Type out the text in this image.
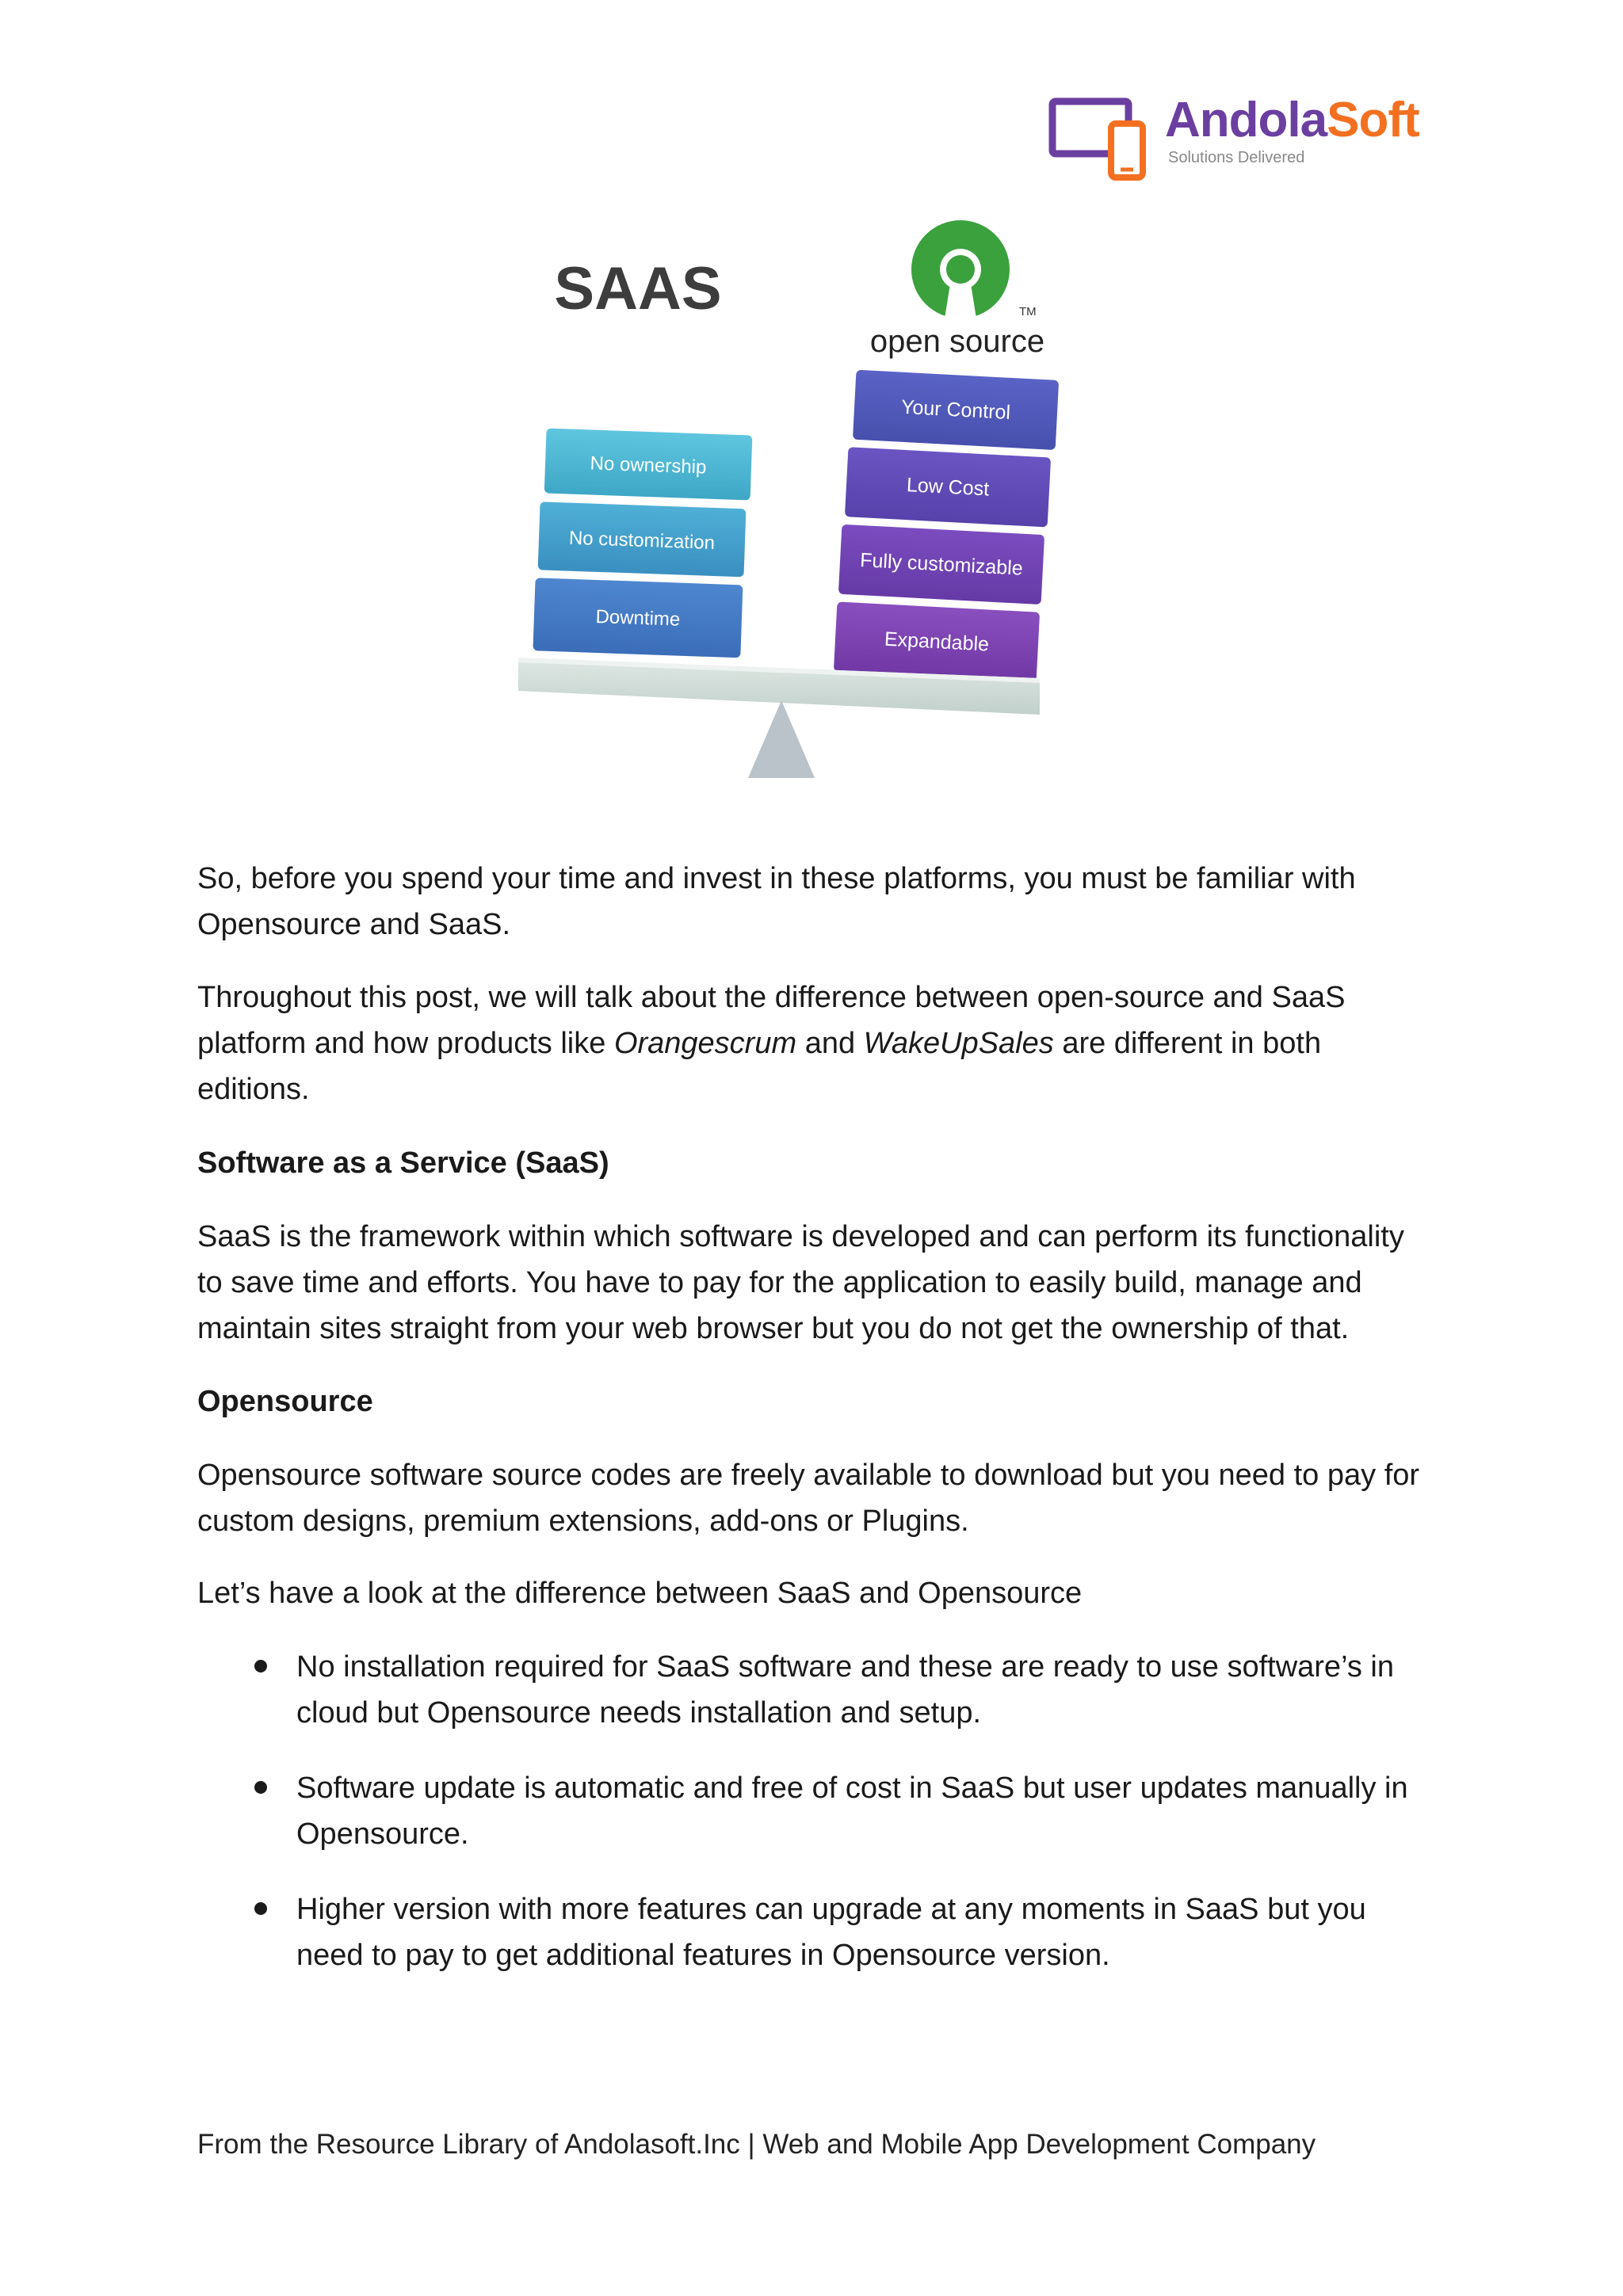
AndolaSoft
Solutions Delivered
SAAS	TM
open source
No ownership
No customization
Downtime
Your Control
Low Cost
Fully customizable
Expandable

So, before you spend your time and invest in these platforms, you must be familiar with
Opensource and SaaS.

Throughout this post, we will talk about the difference between open-source and SaaS
platform and how products like Orangescrum and WakeUpSales are different in both
editions.

Software as a Service (SaaS)

SaaS is the framework within which software is developed and can perform its functionality
to save time and efforts. You have to pay for the application to easily build, manage and
maintain sites straight from your web browser but you do not get the ownership of that.

Opensource

Opensource software source codes are freely available to download but you need to pay for
custom designs, premium extensions, add-ons or Plugins.

Let’s have a look at the difference between SaaS and Opensource

No installation required for SaaS software and these are ready to use software’s in
cloud but Opensource needs installation and setup.
Software update is automatic and free of cost in SaaS but user updates manually in
Opensource.
Higher version with more features can upgrade at any moments in SaaS but you
need to pay to get additional features in Opensource version.
From the Resource Library of Andolasoft.Inc | Web and Mobile App Development Company
